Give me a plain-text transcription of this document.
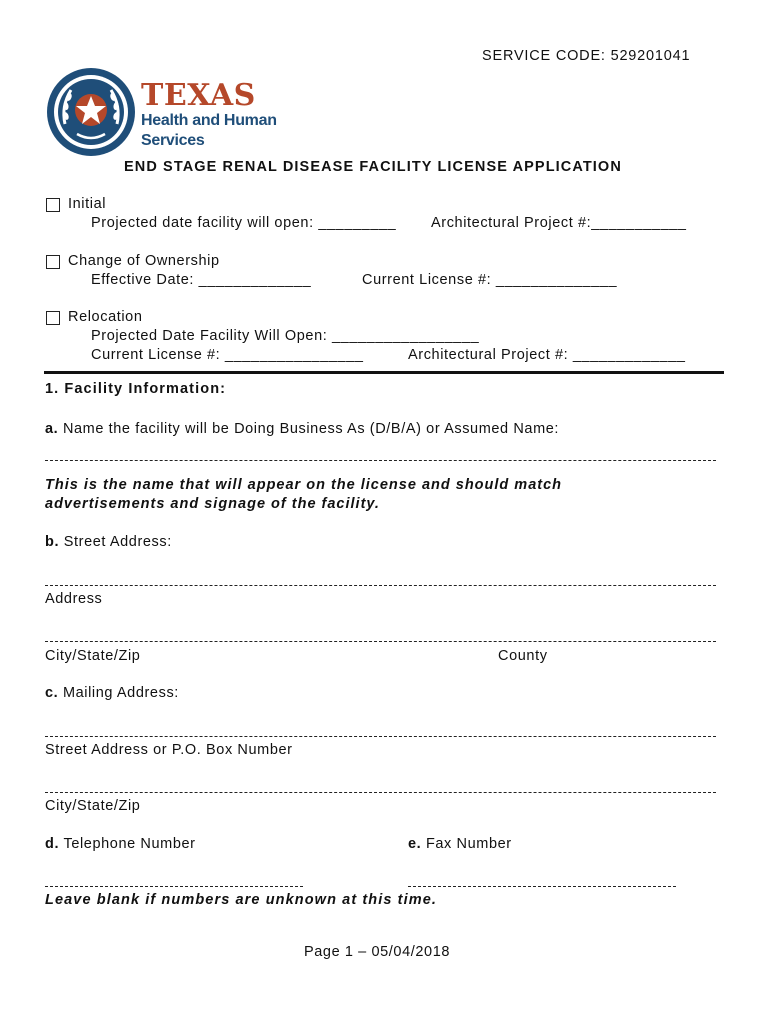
SERVICE CODE: 529201041
TEXAS
Health and Human
Services
END STAGE RENAL DISEASE FACILITY LICENSE APPLICATION
Initial
Projected date facility will open: _________ Architectural Project #:___________
Change of Ownership
Effective Date: _____________	Current License #: ______________
Relocation
Projected Date Facility Will Open: _________________
Current License #: ________________	Architectural Project #: _____________
1. Facility Information:
a. Name the facility will be Doing Business As (D/B/A) or Assumed Name:
This is the name that will appear on the license and should match
advertisements and signage of the facility.
b. Street Address:
Address
City/State/Zip	County
c. Mailing Address:
Street Address or P.O. Box Number
City/State/Zip
d. Telephone Number	e. Fax Number
Leave blank if numbers are unknown at this time.
Page 1 – 05/04/2018
